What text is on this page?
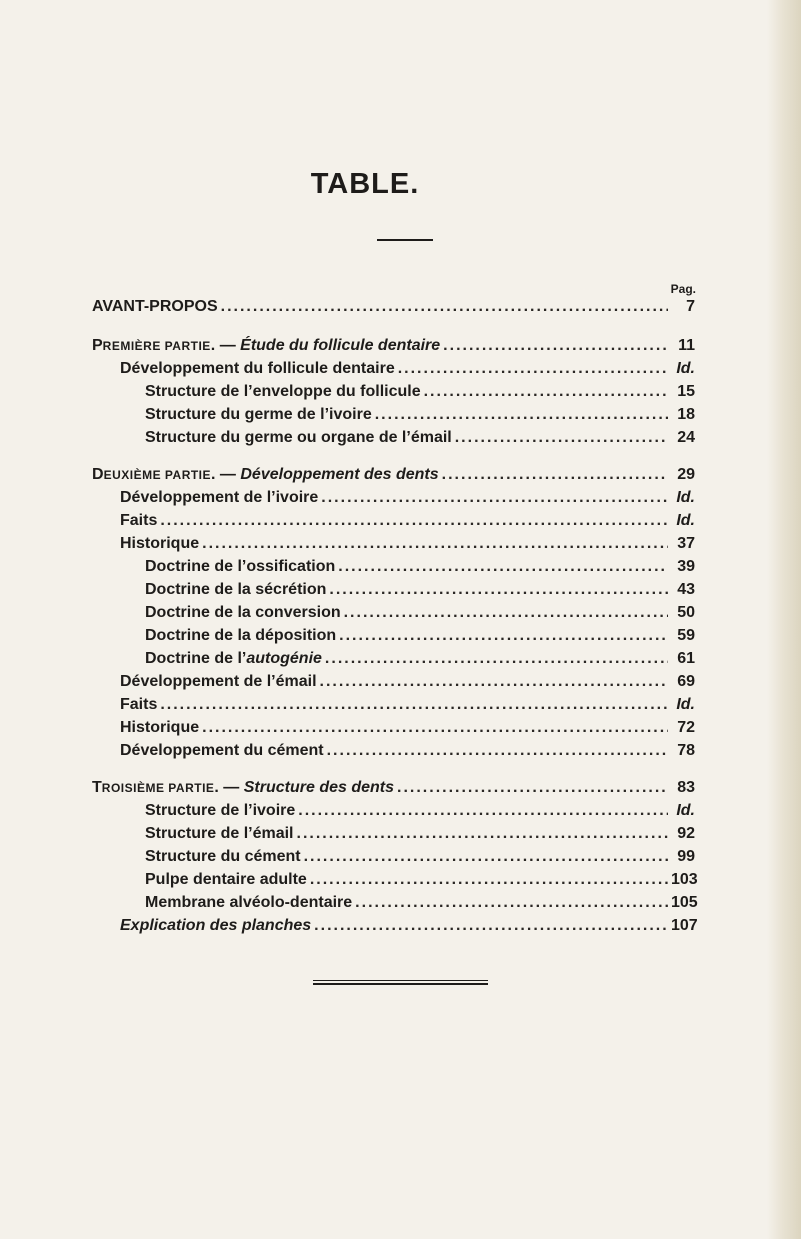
TABLE.
Pag.
AVANT-PROPOS .....	7
PREMIÈRE PARTIE. — Étude du follicule dentaire .....	11
Développement du follicule dentaire .....	Id.
Structure de l’enveloppe du follicule .....	15
Structure du germe de l’ivoire .....	18
Structure du germe ou organe de l’émail .....	24
DEUXIÈME PARTIE. — Développement des dents .....	29
Développement de l’ivoire .....	Id.
Faits .....	Id.
Historique .....	37
Doctrine de l’ossification .....	39
Doctrine de la sécrétion .....	43
Doctrine de la conversion .....	50
Doctrine de la déposition .....	59
Doctrine de l’autogénie .....	61
Développement de l’émail .....	69
Faits .....	Id.
Historique .....	72
Développement du cément .....	78
TROISIÈME PARTIE. — Structure des dents .....	83
Structure de l’ivoire .....	Id.
Structure de l’émail .....	92
Structure du cément .....	99
Pulpe dentaire adulte .....	103
Membrane alvéolo-dentaire .....	105
Explication des planches .....	107
